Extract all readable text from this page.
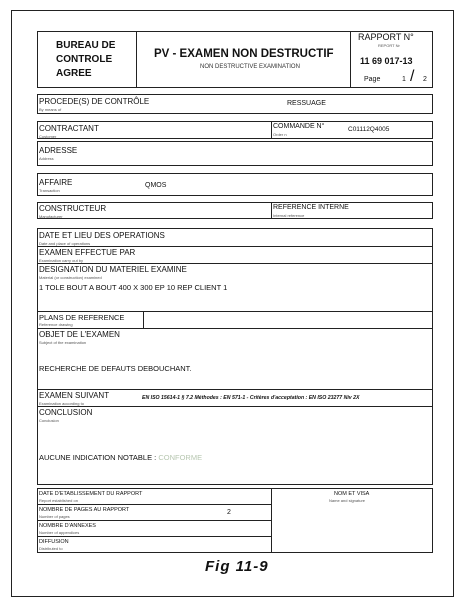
BUREAU DE
CONTROLE
AGREE
PV - EXAMEN NON DESTRUCTIF
NON DESTRUCTIVE EXAMINATION
RAPPORT N°
REPORT Nr
11 69 017-13
Page	1 / 2
PROCEDE(S) DE CONTRÔLE
By means of
RESSUAGE
CONTRACTANT
Customer
COMMANDE N°
Order n
C01112Q4005
ADRESSE
Address
AFFAIRE
Transaction
QMOS
CONSTRUCTEUR
Manufacturer
REFERENCE INTERNE
Internal reference
DATE ET LIEU DES OPERATIONS
Date and place of operations
EXAMEN EFFECTUE PAR
Examination carry out by
DESIGNATION DU MATERIEL EXAMINE
Material (or construction) examined
1 TOLE BOUT A BOUT 400 X 300 EP 10 REP CLIENT 1
PLANS DE REFERENCE
Reference drawing
OBJET DE L'EXAMEN
Subject of the examination
RECHERCHE DE DEFAUTS DEBOUCHANT.
EXAMEN SUIVANT
Examination according to
EN ISO 15614-1 § 7.2 Méthodes : EN 571-1 - Critères d'acceptation : EN ISO 23277 Niv 2X
CONCLUSION
Conclusion
AUCUNE INDICATION NOTABLE : CONFORME
DATE D'ETABLISSEMENT DU RAPPORT
Report established on
NOMBRE DE PAGES AU RAPPORT
Number of pages
2
NOMBRE D'ANNEXES
Number of appendices
DIFFUSION
Distributed to
NOM ET VISA
Name and signature
Fig 11-9
